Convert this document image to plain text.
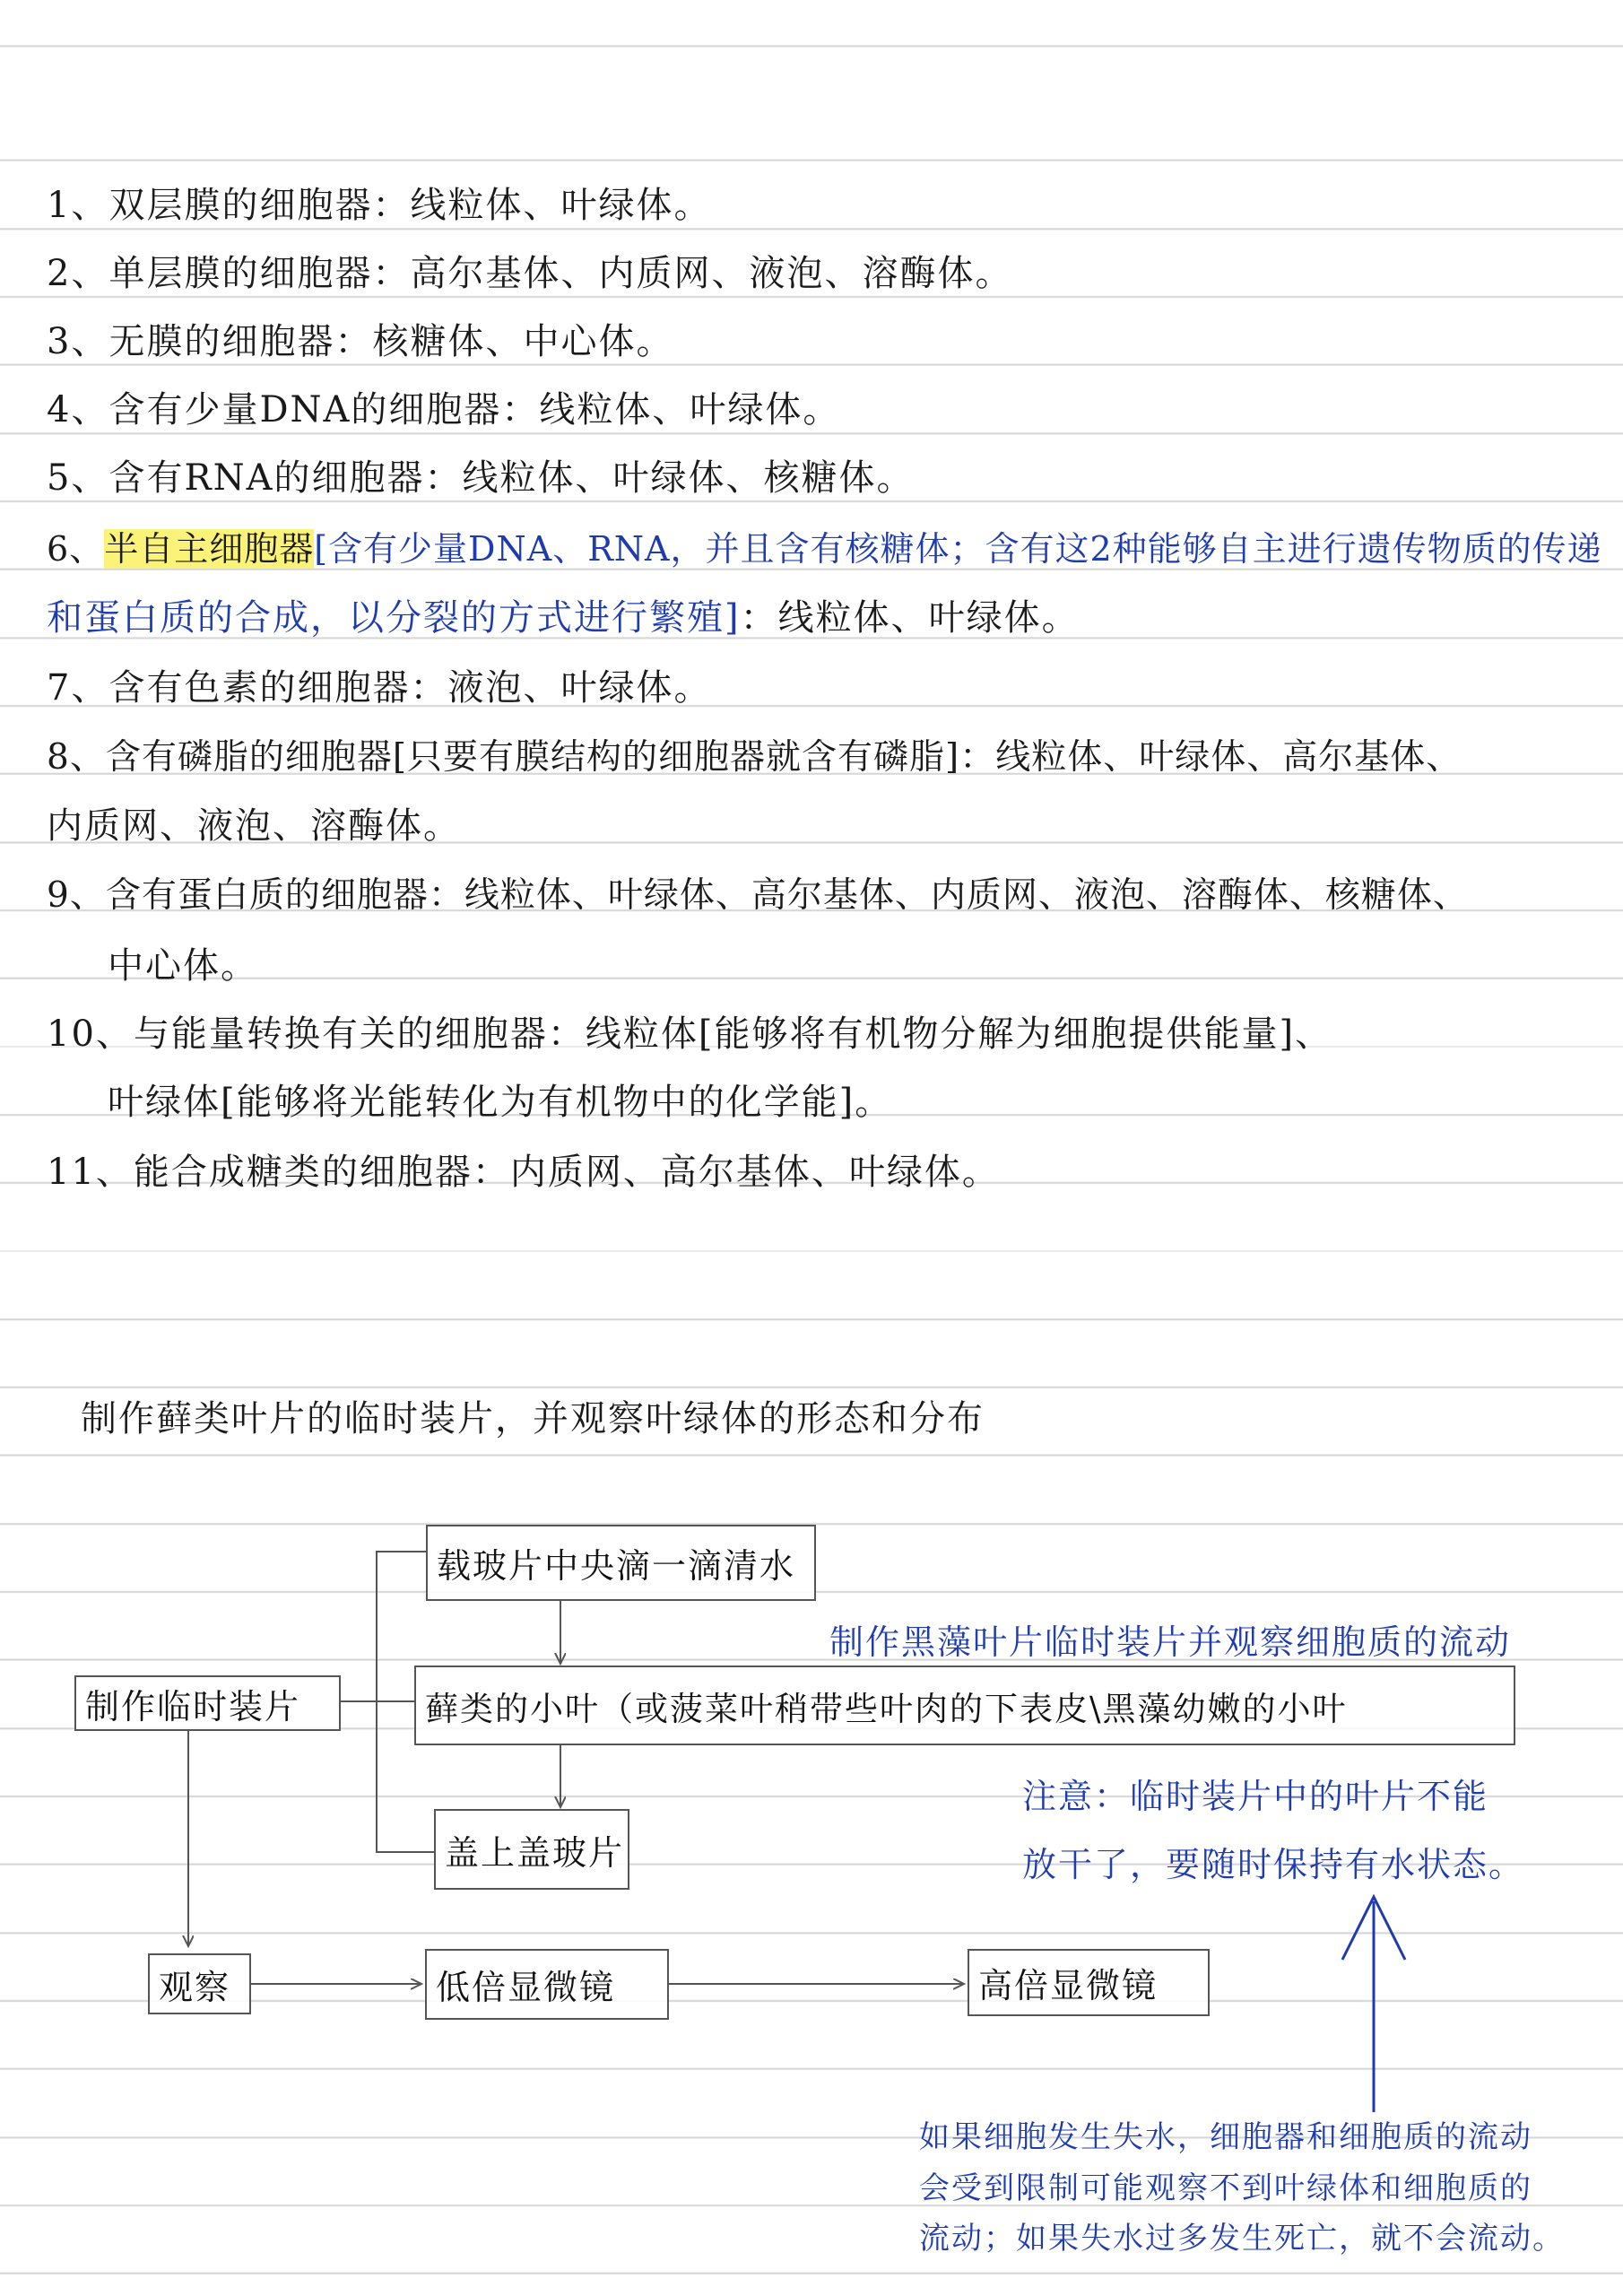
1、双层膜的细胞器：线粒体、叶绿体。
2、单层膜的细胞器：高尔基体、内质网、液泡、溶酶体。
3、无膜的细胞器：核糖体、中心体。
4、含有少量DNA的细胞器：线粒体、叶绿体。
5、含有RNA的细胞器：线粒体、叶绿体、核糖体。
6、半自主细胞器[含有少量DNA、RNA，并且含有核糖体；含有这2种能够自主进行遗传物质的传递
和蛋白质的合成，以分裂的方式进行繁殖]：线粒体、叶绿体。
7、含有色素的细胞器：液泡、叶绿体。
8、含有磷脂的细胞器[只要有膜结构的细胞器就含有磷脂]：线粒体、叶绿体、高尔基体、
内质网、液泡、溶酶体。
9、含有蛋白质的细胞器：线粒体、叶绿体、高尔基体、内质网、液泡、溶酶体、核糖体、
中心体。
10、与能量转换有关的细胞器：线粒体[能够将有机物分解为细胞提供能量]、
叶绿体[能够将光能转化为有机物中的化学能]。
11、能合成糖类的细胞器：内质网、高尔基体、叶绿体。
制作藓类叶片的临时装片，并观察叶绿体的形态和分布
制作临时装片
载玻片中央滴一滴清水
藓类的小叶（或菠菜叶稍带些叶肉的下表皮\黑藻幼嫩的小叶
盖上盖玻片
观察	低倍显微镜	高倍显微镜
制作黑藻叶片临时装片并观察细胞质的流动
注意：临时装片中的叶片不能
放干了，要随时保持有水状态。
如果细胞发生失水，细胞器和细胞质的流动
会受到限制可能观察不到叶绿体和细胞质的
流动；如果失水过多发生死亡，就不会流动。
